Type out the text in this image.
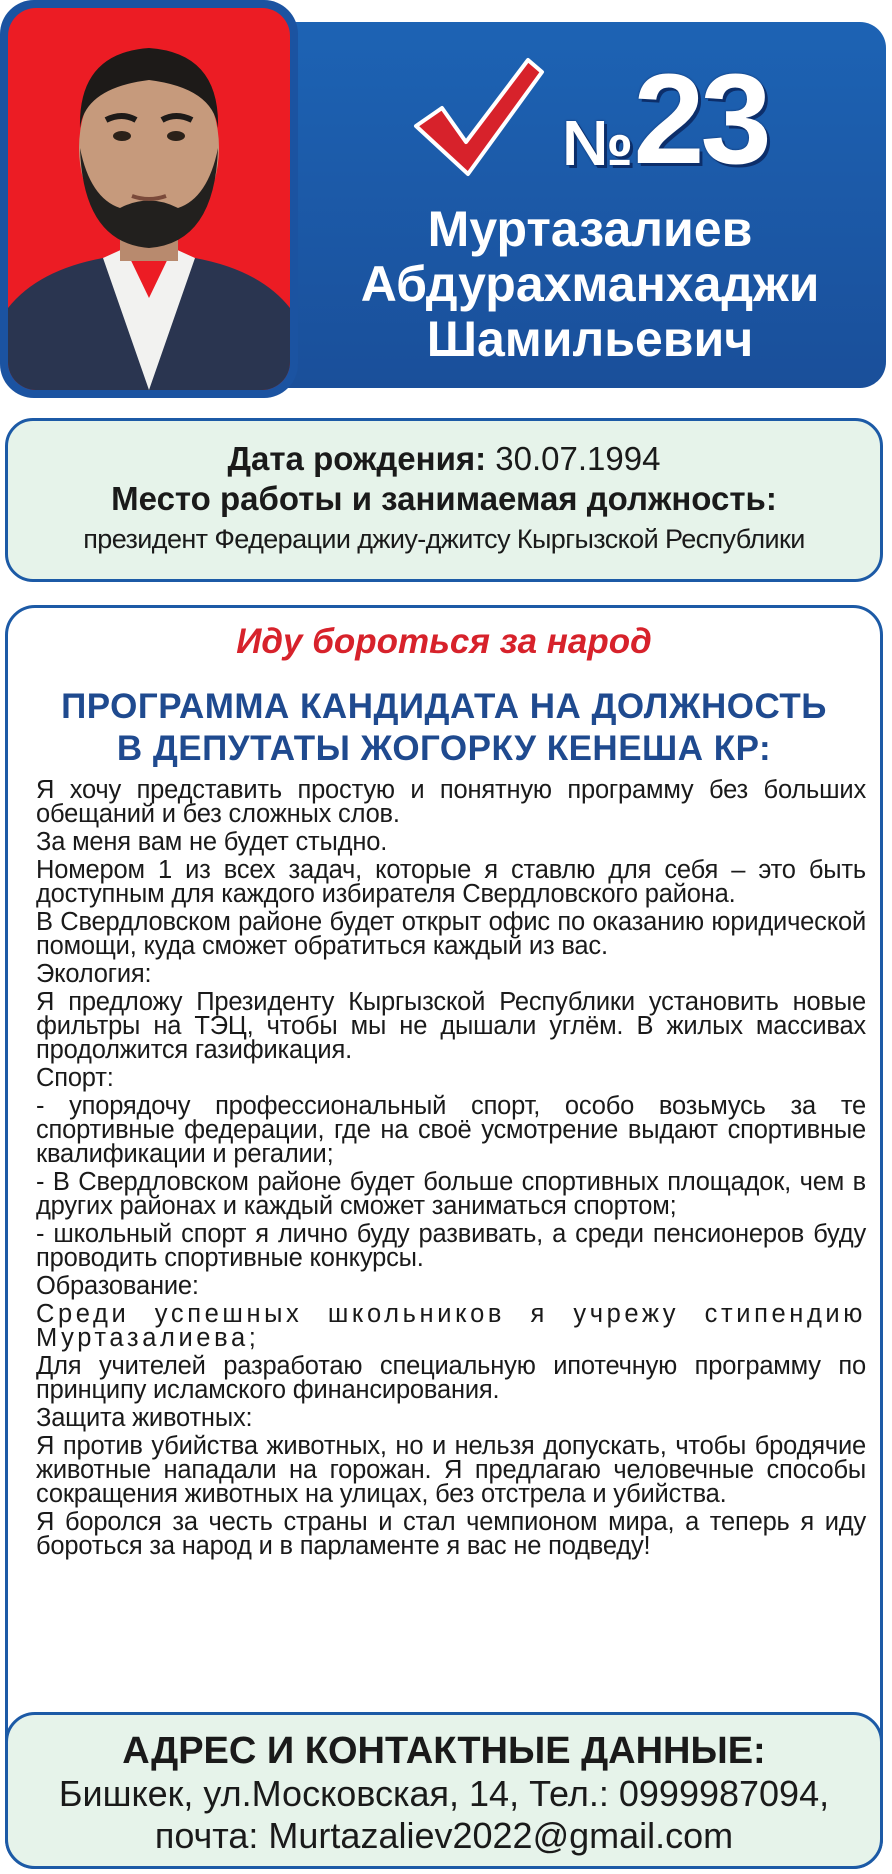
№23
Муртазалиев
Абдурахманхаджи
Шамильевич
Дата рождения: 30.07.1994
Место работы и занимаемая должность:
президент Федерации джиу-джитсу Кыргызской Республики
Иду бороться за народ
ПРОГРАММА КАНДИДАТА НА ДОЛЖНОСТЬ
В ДЕПУТАТЫ ЖОГОРКУ КЕНЕША КР:

Я хочу представить простую и понятную программу без больших обещаний и без сложных слов.

За меня вам не будет стыдно.

Номером 1 из всех задач, которые я ставлю для себя – это быть доступным для каждого избирателя Свердловского района.

В Свердловском районе будет открыт офис по оказанию юридической помощи, куда сможет обратиться каждый из вас.

Экология:

Я предложу Президенту Кыргызской Республики установить новые фильтры на ТЭЦ, чтобы мы не дышали углём. В жилых массивах продолжится газификация.

Спорт:

- упорядочу профессиональный спорт, особо возьмусь за те спортивные федерации, где на своё усмотрение выдают спортивные квалификации и регалии;

- В Свердловском районе будет больше спортивных площадок, чем в других районах и каждый сможет заниматься спортом;

- школьный спорт я лично буду развивать, а среди пенсионеров буду проводить спортивные конкурсы.

Образование:

Среди успешных школьников я учрежу стипендию Муртазалиева;

Для учителей разработаю специальную ипотечную программу по принципу исламского финансирования.

Защита животных:

Я против убийства животных, но и нельзя допускать, чтобы бродячие животные нападали на горожан. Я предлагаю человечные способы сокращения животных на улицах, без отстрела и убийства.

Я боролся за честь страны и стал чемпионом мира, а теперь я иду бороться за народ и в парламенте я вас не подведу!

АДРЕС И КОНТАКТНЫЕ ДАННЫЕ:
Бишкек, ул.Московская, 14, Тел.: 0999987094,
почта: Murtazaliev2022@gmail.com
